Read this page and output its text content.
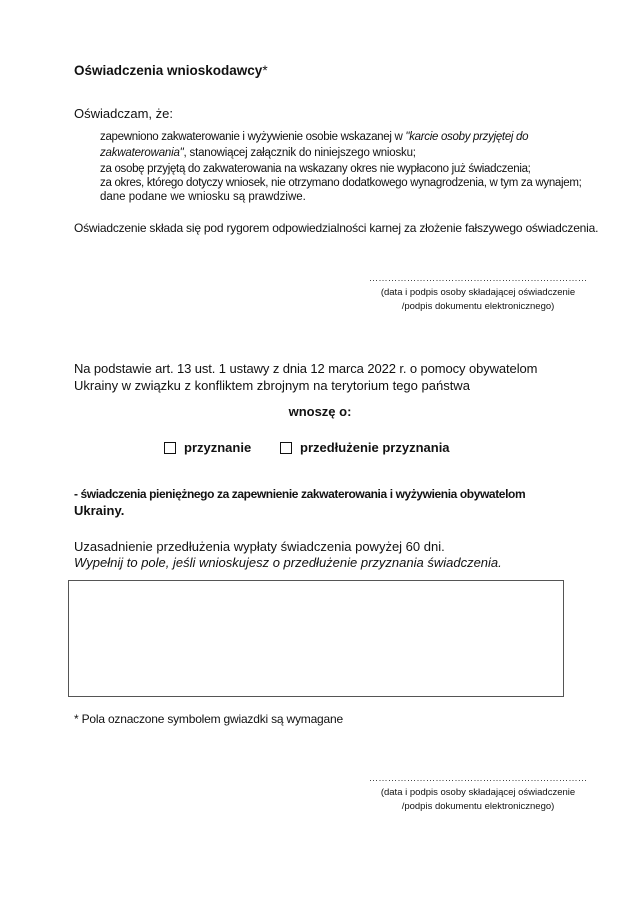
Oświadczenia wnioskodawcy*
Oświadczam, że:
zapewniono zakwaterowanie i wyżywienie osobie wskazanej w "karcie osoby przyjętej do
zakwaterowania", stanowiącej załącznik do niniejszego wniosku;
za osobę przyjętą do zakwaterowania na wskazany okres nie wypłacono już świadczenia;
za okres, którego dotyczy wniosek, nie otrzymano dodatkowego wynagrodzenia, w tym za wynajem;
dane podane we wniosku są prawdziwe.
Oświadczenie składa się pod rygorem odpowiedzialności karnej za złożenie fałszywego oświadczenia.
……………………………………………………………
(data i podpis osoby składającej oświadczenie
/podpis dokumentu elektronicznego)
Na podstawie art. 13 ust. 1 ustawy z dnia 12 marca 2022 r. o pomocy obywatelom
Ukrainy w związku z konfliktem zbrojnym na terytorium tego państwa
wnoszę o:
przyznanie	przedłużenie przyznania
- świadczenia pieniężnego za zapewnienie zakwaterowania i wyżywienia obywatelom
Ukrainy.
Uzasadnienie przedłużenia wypłaty świadczenia powyżej 60 dni.
Wypełnij to pole, jeśli wnioskujesz o przedłużenie przyznania świadczenia.
* Pola oznaczone symbolem gwiazdki są wymagane
……………………………………………………………
(data i podpis osoby składającej oświadczenie
/podpis dokumentu elektronicznego)
